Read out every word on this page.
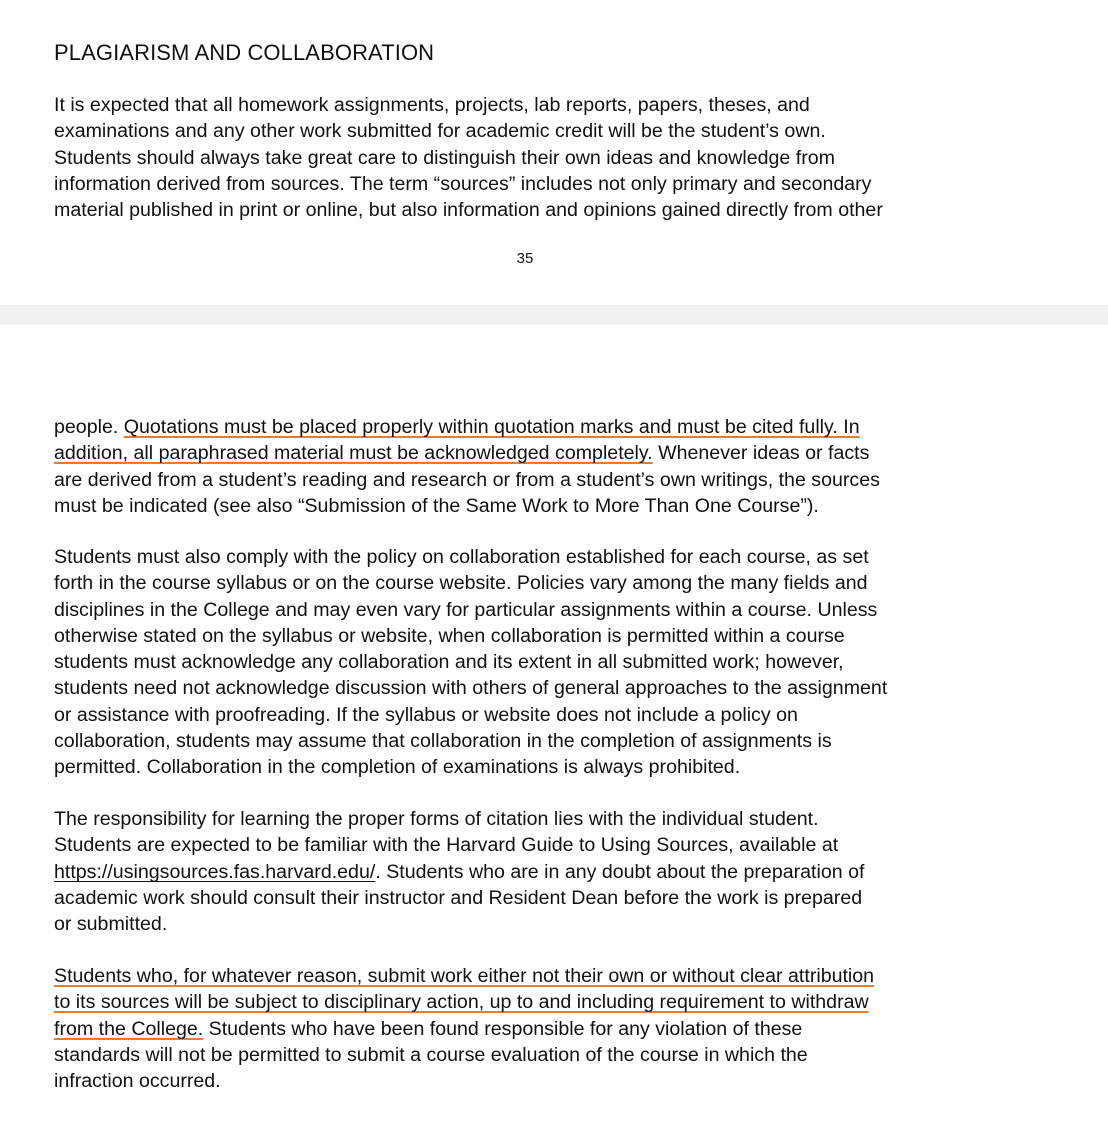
PLAGIARISM AND COLLABORATION
It is expected that all homework assignments, projects, lab reports, papers, theses, and
examinations and any other work submitted for academic credit will be the student’s own.
Students should always take great care to distinguish their own ideas and knowledge from
information derived from sources. The term “sources” includes not only primary and secondary
material published in print or online, but also information and opinions gained directly from other
35
people. Quotations must be placed properly within quotation marks and must be cited fully. In
addition, all paraphrased material must be acknowledged completely. Whenever ideas or facts
are derived from a student’s reading and research or from a student’s own writings, the sources
must be indicated (see also “Submission of the Same Work to More Than One Course”).
Students must also comply with the policy on collaboration established for each course, as set
forth in the course syllabus or on the course website. Policies vary among the many fields and
disciplines in the College and may even vary for particular assignments within a course. Unless
otherwise stated on the syllabus or website, when collaboration is permitted within a course
students must acknowledge any collaboration and its extent in all submitted work; however,
students need not acknowledge discussion with others of general approaches to the assignment
or assistance with proofreading. If the syllabus or website does not include a policy on
collaboration, students may assume that collaboration in the completion of assignments is
permitted. Collaboration in the completion of examinations is always prohibited.
The responsibility for learning the proper forms of citation lies with the individual student.
Students are expected to be familiar with the Harvard Guide to Using Sources, available at
https://usingsources.fas.harvard.edu/. Students who are in any doubt about the preparation of
academic work should consult their instructor and Resident Dean before the work is prepared
or submitted.
Students who, for whatever reason, submit work either not their own or without clear attribution
to its sources will be subject to disciplinary action, up to and including requirement to withdraw
from the College. Students who have been found responsible for any violation of these
standards will not be permitted to submit a course evaluation of the course in which the
infraction occurred.
